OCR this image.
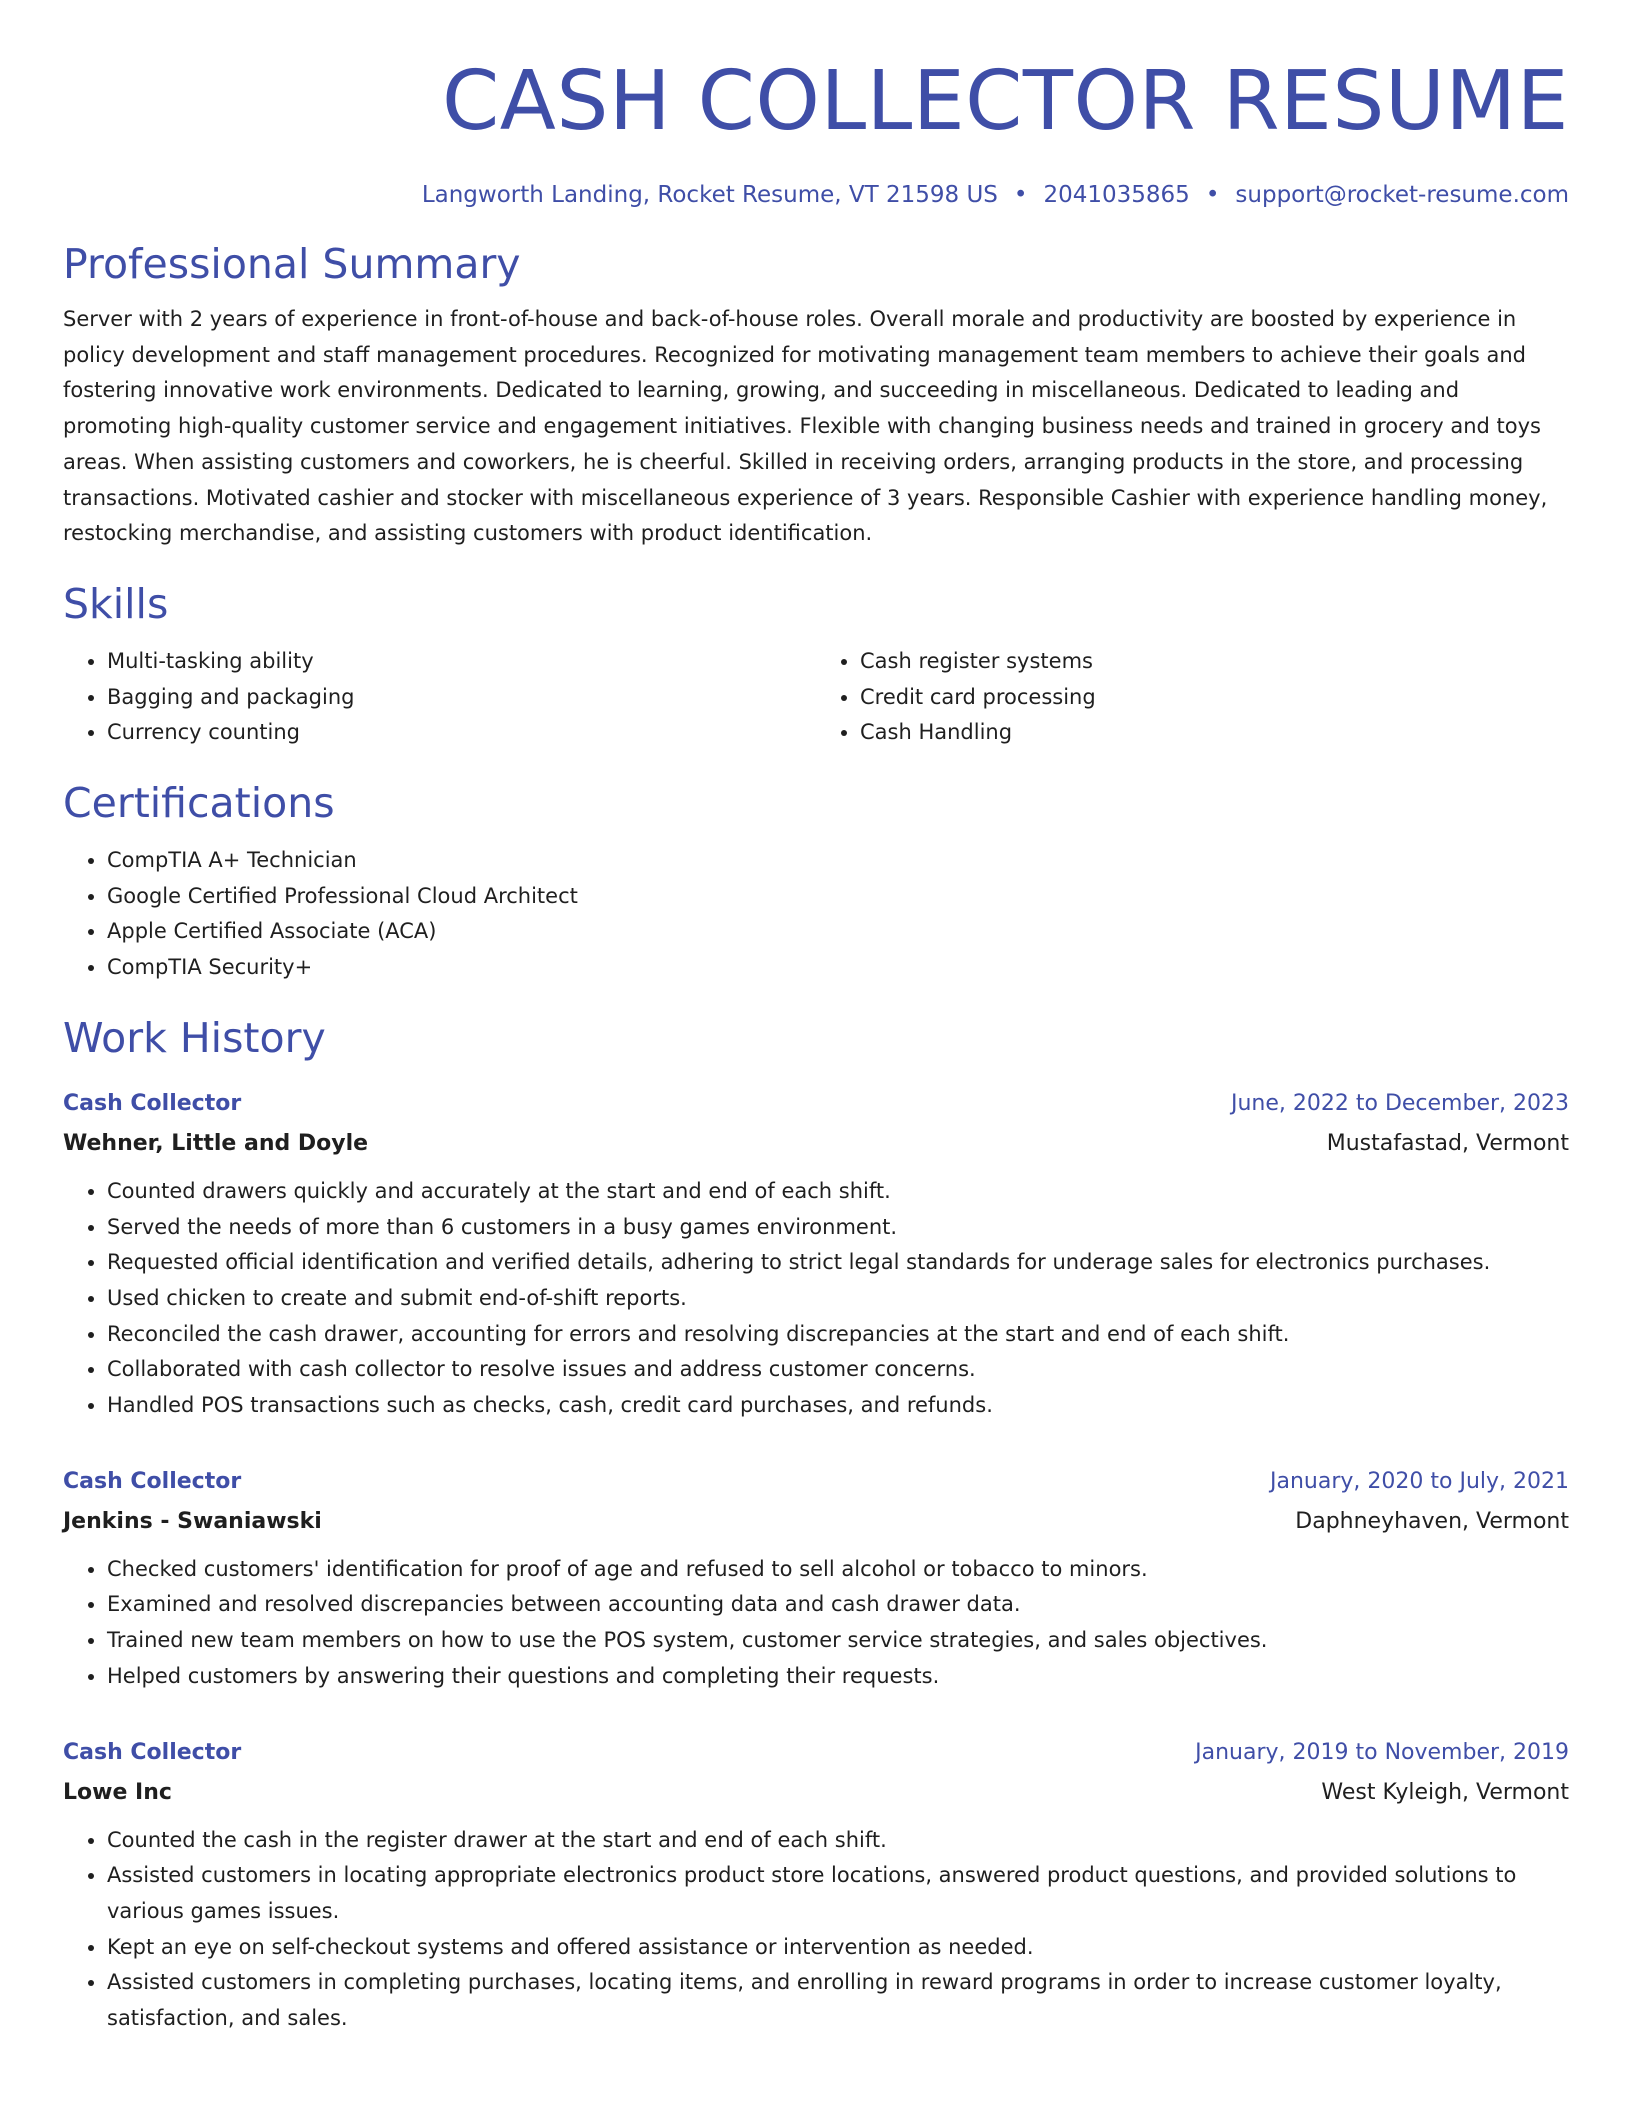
CASH COLLECTOR RESUME
Langworth Landing, Rocket Resume, VT 21598 US • 2041035865 • support@rocket-resume.com
Professional Summary
Server with 2 years of experience in front-of-house and back-of-house roles. Overall morale and productivity are boosted by experience in policy development and staff management procedures. Recognized for motivating management team members to achieve their goals and fostering innovative work environments. Dedicated to learning, growing, and succeeding in miscellaneous. Dedicated to leading and promoting high-quality customer service and engagement initiatives. Flexible with changing business needs and trained in grocery and toys areas. When assisting customers and coworkers, he is cheerful. Skilled in receiving orders, arranging products in the store, and processing transactions. Motivated cashier and stocker with miscellaneous experience of 3 years. Responsible Cashier with experience handling money, restocking merchandise, and assisting customers with product identification.
Skills
• Multi-tasking ability
• Bagging and packaging
• Currency counting
• Cash register systems
• Credit card processing
• Cash Handling
Certifications
• CompTIA A+ Technician
• Google Certified Professional Cloud Architect
• Apple Certified Associate (ACA)
• CompTIA Security+
Work History
Cash Collector	June, 2022 to December, 2023
Wehner, Little and Doyle	Mustafastad, Vermont
• Counted drawers quickly and accurately at the start and end of each shift.
• Served the needs of more than 6 customers in a busy games environment.
• Requested official identification and verified details, adhering to strict legal standards for underage sales for electronics purchases.
• Used chicken to create and submit end-of-shift reports.
• Reconciled the cash drawer, accounting for errors and resolving discrepancies at the start and end of each shift.
• Collaborated with cash collector to resolve issues and address customer concerns.
• Handled POS transactions such as checks, cash, credit card purchases, and refunds.
Cash Collector	January, 2020 to July, 2021
Jenkins - Swaniawski	Daphneyhaven, Vermont
• Checked customers' identification for proof of age and refused to sell alcohol or tobacco to minors.
• Examined and resolved discrepancies between accounting data and cash drawer data.
• Trained new team members on how to use the POS system, customer service strategies, and sales objectives.
• Helped customers by answering their questions and completing their requests.
Cash Collector	January, 2019 to November, 2019
Lowe Inc	West Kyleigh, Vermont
• Counted the cash in the register drawer at the start and end of each shift.
• Assisted customers in locating appropriate electronics product store locations, answered product questions, and provided solutions to various games issues.
• Kept an eye on self-checkout systems and offered assistance or intervention as needed.
• Assisted customers in completing purchases, locating items, and enrolling in reward programs in order to increase customer loyalty, satisfaction, and sales.
